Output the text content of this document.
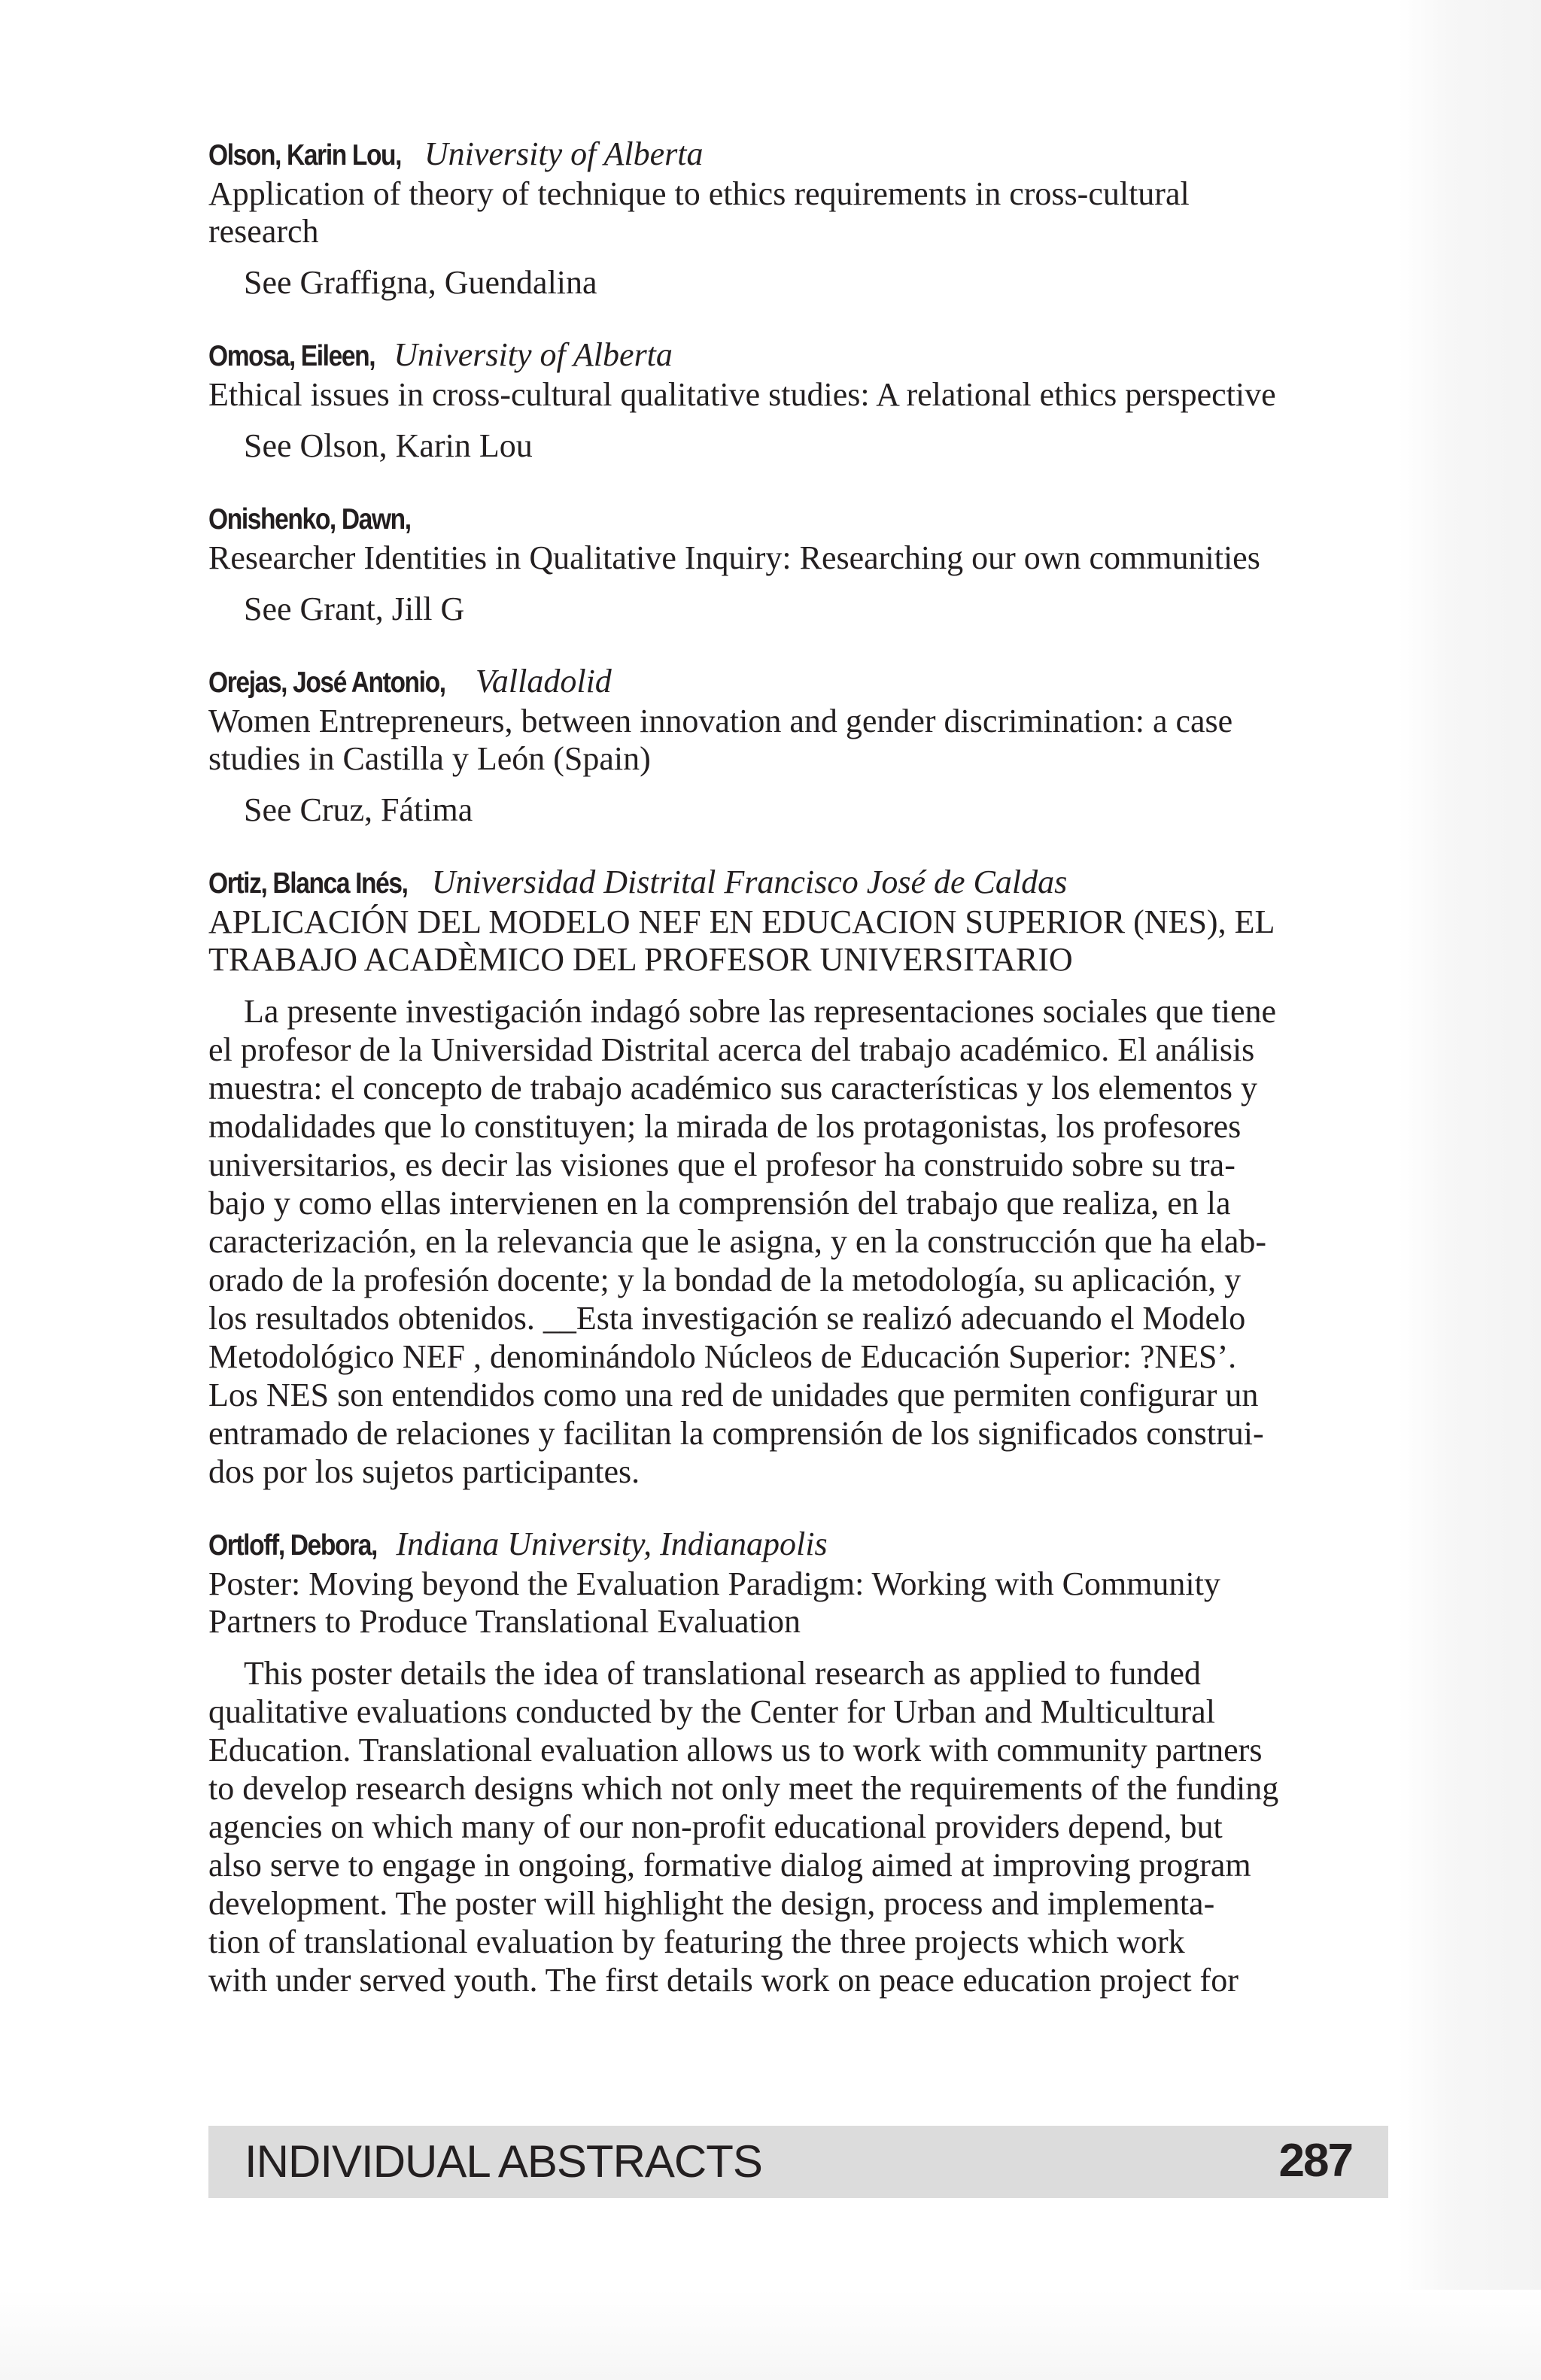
Olson, Karin Lou, University of Alberta
Application of theory of technique to ethics requirements in cross-cultural
research
See Graffigna, Guendalina
Omosa, Eileen, University of Alberta
Ethical issues in cross-cultural qualitative studies: A relational ethics perspective
See Olson, Karin Lou
Onishenko, Dawn,
Researcher Identities in Qualitative Inquiry: Researching our own communities
See Grant, Jill G
Orejas, José Antonio, Valladolid
Women Entrepreneurs, between innovation and gender discrimination: a case
studies in Castilla y León (Spain)
See Cruz, Fátima
Ortiz, Blanca Inés, Universidad Distrital Francisco José de Caldas
APLICACIÓN DEL MODELO NEF EN EDUCACION SUPERIOR (NES), EL
TRABAJO ACADÈMICO DEL PROFESOR UNIVERSITARIO

La presente investigación indagó sobre las representaciones sociales que tiene
el profesor de la Universidad Distrital acerca del trabajo académico. El análisis
muestra: el concepto de trabajo académico sus características y los elementos y
modalidades que lo constituyen; la mirada de los protagonistas, los profesores
universitarios, es decir las visiones que el profesor ha construido sobre su tra-
bajo y como ellas intervienen en la comprensión del trabajo que realiza, en la
caracterización, en la relevancia que le asigna, y en la construcción que ha elab-
orado de la profesión docente; y la bondad de la metodología, su aplicación, y
los resultados obtenidos. __Esta investigación se realizó adecuando el Modelo
Metodológico NEF , denominándolo Núcleos de Educación Superior: ?NES’.
Los NES son entendidos como una red de unidades que permiten configurar un
entramado de relaciones y facilitan la comprensión de los significados construi-
dos por los sujetos participantes.

Ortloff, Debora, Indiana University, Indianapolis
Poster: Moving beyond the Evaluation Paradigm: Working with Community
Partners to Produce Translational Evaluation

This poster details the idea of translational research as applied to funded
qualitative evaluations conducted by the Center for Urban and Multicultural
Education. Translational evaluation allows us to work with community partners
to develop research designs which not only meet the requirements of the funding
agencies on which many of our non-profit educational providers depend, but
also serve to engage in ongoing, formative dialog aimed at improving program
development. The poster will highlight the design, process and implementa-
tion of translational evaluation by featuring the three projects which work
with under served youth. The first details work on peace education project for

INDIVIDUAL ABSTRACTS	287
